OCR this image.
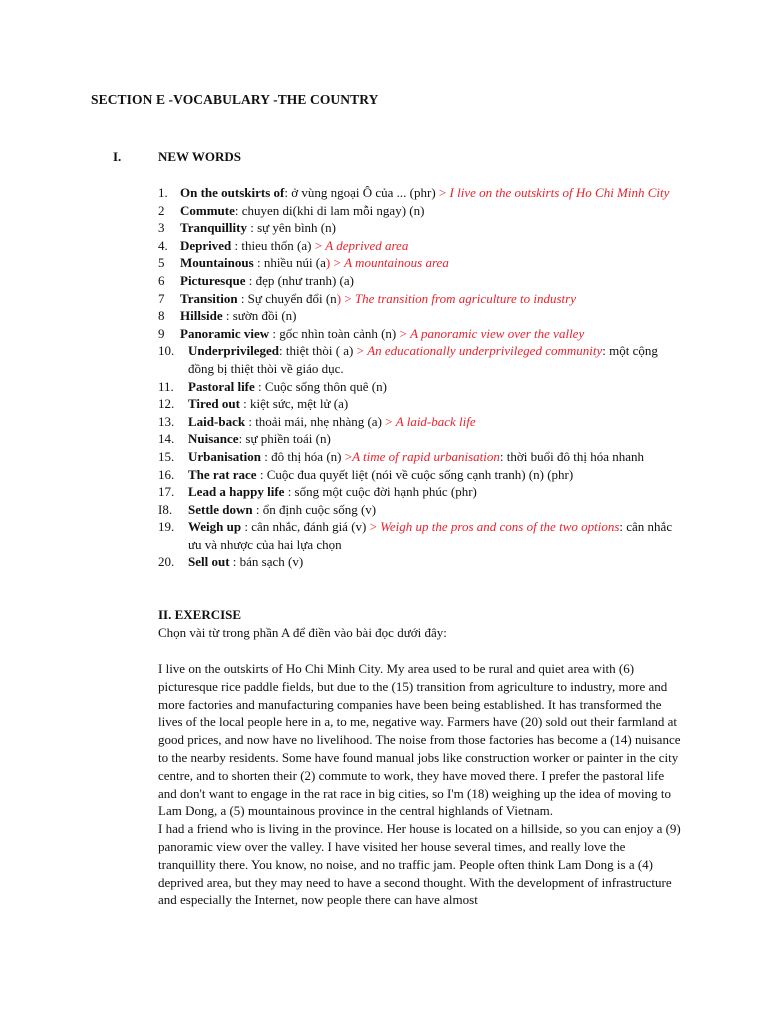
SECTION E -VOCABULARY -THE COUNTRY
I.	NEW WORDS
1. On the outskirts of: ở vùng ngoại Ô của ... (phr) > I live on the outskirts of Ho Chi Minh City
2 Commute: chuyen di(khi di lam mỗi ngay) (n)
3 Tranquillity : sự yên bình (n)
4. Deprived : thieu thốn (a) > A deprived area
5 Mountainous : nhiều núi (a) > A mountainous area
6 Picturesque : đẹp (như tranh) (a)
7 Transition : Sự chuyển đổi (n) > The transition from agriculture to industry
8 Hillside : sườn đồi (n)
9 Panoramic view : gốc nhìn toàn cảnh (n) > A panoramic view over the valley
10. Underprivileged: thiệt thòi ( a) > An educationally underprivileged community: một cộng đồng bị thiệt thòi về giáo dục.
11. Pastoral life : Cuộc sống thôn quê (n)
12. Tired out : kiệt sức, mệt lử (a)
13. Laid-back : thoải mái, nhẹ nhàng (a) > A laid-back life
14. Nuisance: sự phiền toái (n)
15. Urbanisation : đô thị hóa (n) >A time of rapid urbanisation: thời buổi đô thị hóa nhanh
16. The rat race : Cuộc đua quyết liệt (nói về cuộc sống cạnh tranh) (n) (phr)
17. Lead a happy life : sống một cuộc đời hạnh phúc (phr)
I8. Settle down : ổn định cuộc sống (v)
19. Weigh up : cân nhắc, đánh giá (v) > Weigh up the pros and cons of the two options: cân nhắc ưu và nhược của hai lựa chọn
20. Sell out : bán sạch (v)
II. EXERCISE
Chọn vài từ trong phần A để điền vào bài đọc dưới đây:

I live on the outskirts of Ho Chi Minh City. My area used to be rural and quiet area with (6) picturesque rice paddle fields, but due to the (15) transition from agriculture to industry, more and more factories and manufacturing companies have been being established. It has transformed the lives of the local people here in a, to me, negative way. Farmers have (20) sold out their farmland at good prices, and now have no livelihood. The noise from those factories has become a (14) nuisance to the nearby residents. Some have found manual jobs like construction worker or painter in the city centre, and to shorten their (2) commute to work, they have moved there. I prefer the pastoral life and don't want to engage in the rat race in big cities, so I'm (18) weighing up the idea of moving to Lam Dong, a (5) mountainous province in the central highlands of Vietnam.

I had a friend who is living in the province. Her house is located on a hillside, so you can enjoy a (9) panoramic view over the valley. I have visited her house several times, and really love the tranquillity there. You know, no noise, and no traffic jam. People often think Lam Dong is a (4) deprived area, but they may need to have a second thought. With the development of infrastructure and especially the Internet, now people there can have almost
